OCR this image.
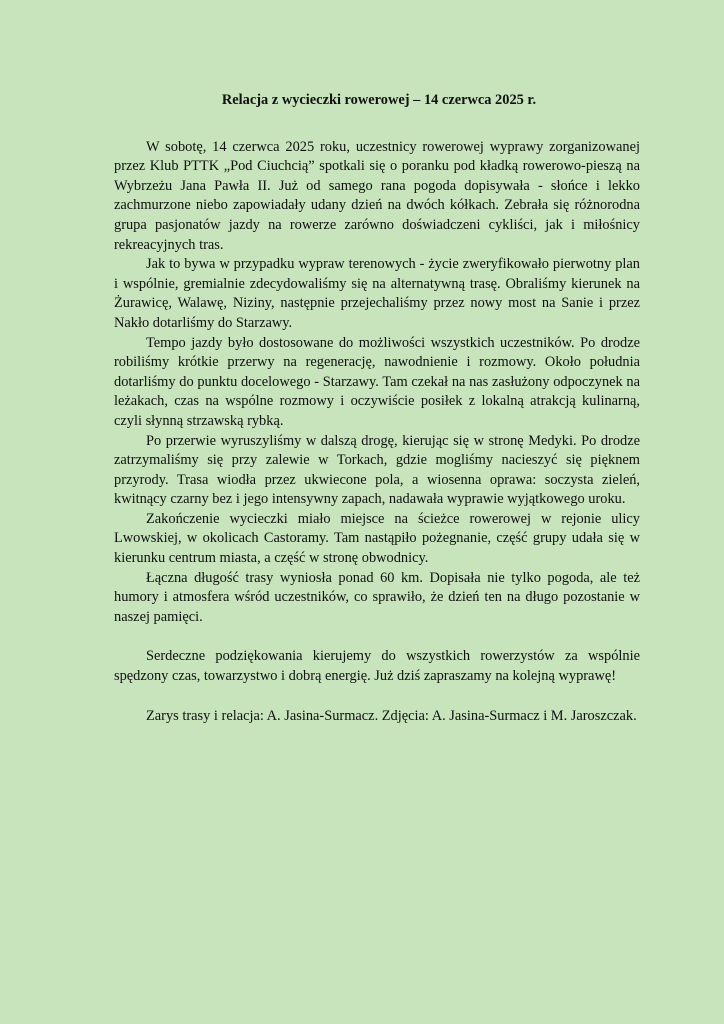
Relacja z wycieczki rowerowej – 14 czerwca 2025 r.

W sobotę, 14 czerwca 2025 roku, uczestnicy rowerowej wyprawy zorganizowanej przez Klub PTTK „Pod Ciuchcią” spotkali się o poranku pod kładką rowerowo-pieszą na Wybrzeżu Jana Pawła II. Już od samego rana pogoda dopisywała - słońce i lekko zachmurzone niebo zapowiadały udany dzień na dwóch kółkach. Zebrała się różnorodna grupa pasjonatów jazdy na rowerze zarówno doświadczeni cykliści, jak i miłośnicy rekreacyjnych tras.

Jak to bywa w przypadku wypraw terenowych - życie zweryfikowało pierwotny plan i wspólnie, gremialnie zdecydowaliśmy się na alternatywną trasę. Obraliśmy kierunek na Żurawicę, Walawę, Niziny, następnie przejechaliśmy przez nowy most na Sanie i przez Nakło dotarliśmy do Starzawy.

Tempo jazdy było dostosowane do możliwości wszystkich uczestników. Po drodze robiliśmy krótkie przerwy na regenerację, nawodnienie i rozmowy. Około południa dotarliśmy do punktu docelowego - Starzawy. Tam czekał na nas zasłużony odpoczynek na leżakach, czas na wspólne rozmowy i oczywiście posiłek z lokalną atrakcją kulinarną, czyli słynną strzawską rybką.

Po przerwie wyruszyliśmy w dalszą drogę, kierując się w stronę Medyki. Po drodze zatrzymaliśmy się przy zalewie w Torkach, gdzie mogliśmy nacieszyć się pięknem przyrody. Trasa wiodła przez ukwiecone pola, a wiosenna oprawa: soczysta zieleń, kwitnący czarny bez i jego intensywny zapach, nadawała wyprawie wyjątkowego uroku.

Zakończenie wycieczki miało miejsce na ścieżce rowerowej w rejonie ulicy Lwowskiej, w okolicach Castoramy. Tam nastąpiło pożegnanie, część grupy udała się w kierunku centrum miasta, a część w stronę obwodnicy.

Łączna długość trasy wyniosła ponad 60 km. Dopisała nie tylko pogoda, ale też humory i atmosfera wśród uczestników, co sprawiło, że dzień ten na długo pozostanie w naszej pamięci.

Serdeczne podziękowania kierujemy do wszystkich rowerzystów za wspólnie spędzony czas, towarzystwo i dobrą energię. Już dziś zapraszamy na kolejną wyprawę!

Zarys trasy i relacja: A. Jasina-Surmacz. Zdjęcia: A. Jasina-Surmacz i M. Jaroszczak.
